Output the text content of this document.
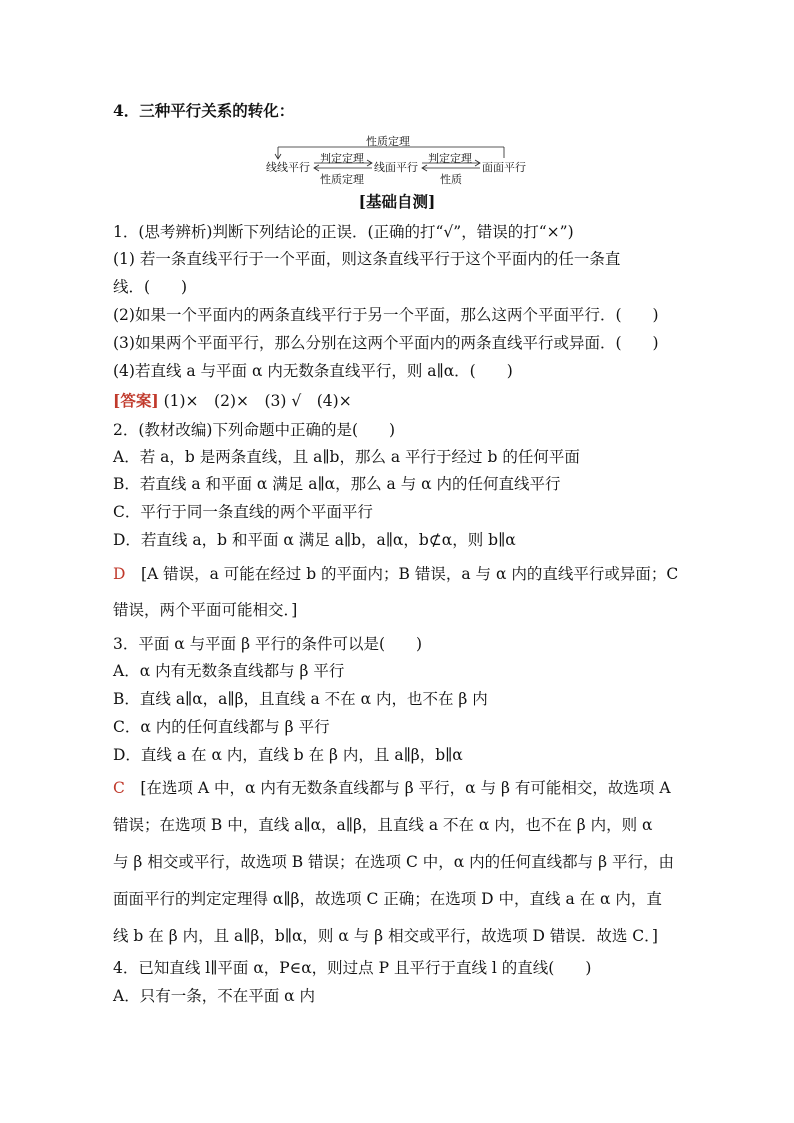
4．三种平行关系的转化：
性质定理
线线平行	线面平行	面面平行
判定定理
性质定理
判定定理
性质
[基础自测]
1．(思考辨析)判断下列结论的正误．(正确的打“√”，错误的打“×”)
(1) 若一条直线平行于一个平面，则这条直线平行于这个平面内的任一条直
线．(　　)
(2)如果一个平面内的两条直线平行于另一个平面，那么这两个平面平行．(　　)
(3)如果两个平面平行，那么分别在这两个平面内的两条直线平行或异面．(　　)
(4)若直线 a 与平面 α 内无数条直线平行，则 a∥α．(　　)
[答案] (1)×　(2)×　(3) √　(4)×
2．(教材改编)下列命题中正确的是(　　)
A．若 a，b 是两条直线，且 a∥b，那么 a 平行于经过 b 的任何平面
B．若直线 a 和平面 α 满足 a∥α，那么 a 与 α 内的任何直线平行
C．平行于同一条直线的两个平面平行
D．若直线 a，b 和平面 α 满足 a∥b，a∥α，b⊄α，则 b∥α
D　[A 错误，a 可能在经过 b 的平面内；B 错误，a 与 α 内的直线平行或异面；C
错误，两个平面可能相交．]
3．平面 α 与平面 β 平行的条件可以是(　　)
A．α 内有无数条直线都与 β 平行
B．直线 a∥α，a∥β，且直线 a 不在 α 内，也不在 β 内
C．α 内的任何直线都与 β 平行
D．直线 a 在 α 内，直线 b 在 β 内，且 a∥β，b∥α
C　[在选项 A 中，α 内有无数条直线都与 β 平行，α 与 β 有可能相交，故选项 A
错误；在选项 B 中，直线 a∥α，a∥β，且直线 a 不在 α 内，也不在 β 内，则 α
与 β 相交或平行，故选项 B 错误；在选项 C 中，α 内的任何直线都与 β 平行，由
面面平行的判定定理得 α∥β，故选项 C 正确；在选项 D 中，直线 a 在 α 内，直
线 b 在 β 内，且 a∥β，b∥α，则 α 与 β 相交或平行，故选项 D 错误．故选 C．]
4．已知直线 l∥平面 α，P∈α，则过点 P 且平行于直线 l 的直线(　　)
A．只有一条，不在平面 α 内
